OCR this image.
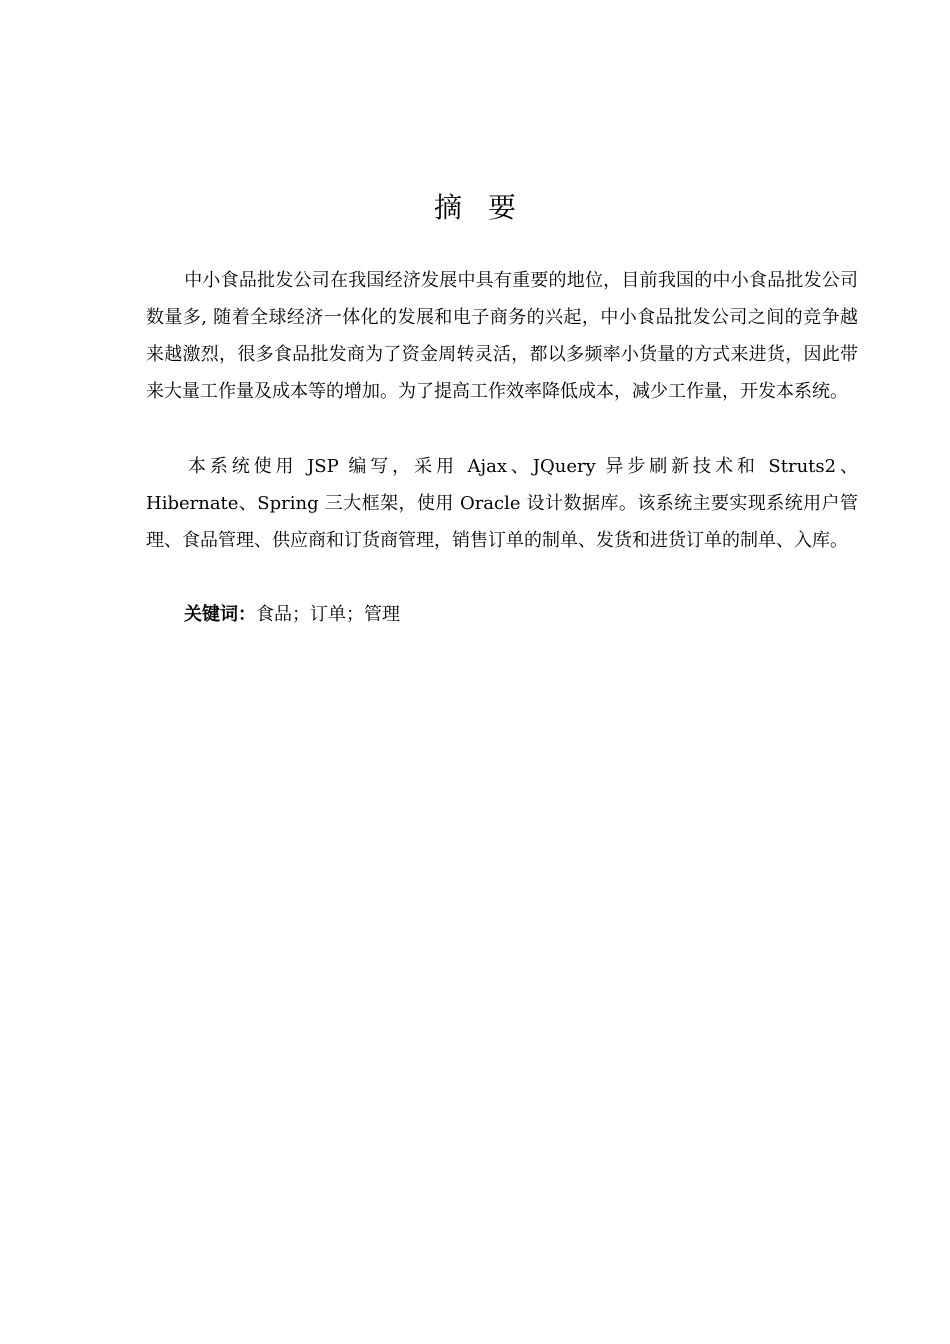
摘 要
中小食品批发公司在我国经济发展中具有重要的地位，目前我国的中小食品批发公司数量多, 随着全球经济一体化的发展和电子商务的兴起，中小食品批发公司之间的竞争越来越激烈，很多食品批发商为了资金周转灵活，都以多频率小货量的方式来进货，因此带来大量工作量及成本等的增加。为了提高工作效率降低成本，减少工作量，开发本系统。
本系统使用 JSP 编写，采用 Ajax、JQuery 异步刷新技术和 Struts2、Hibernate、Spring 三大框架，使用 Oracle 设计数据库。该系统主要实现系统用户管理、食品管理、供应商和订货商管理，销售订单的制单、发货和进货订单的制单、入库。
关键词：食品；订单；管理
